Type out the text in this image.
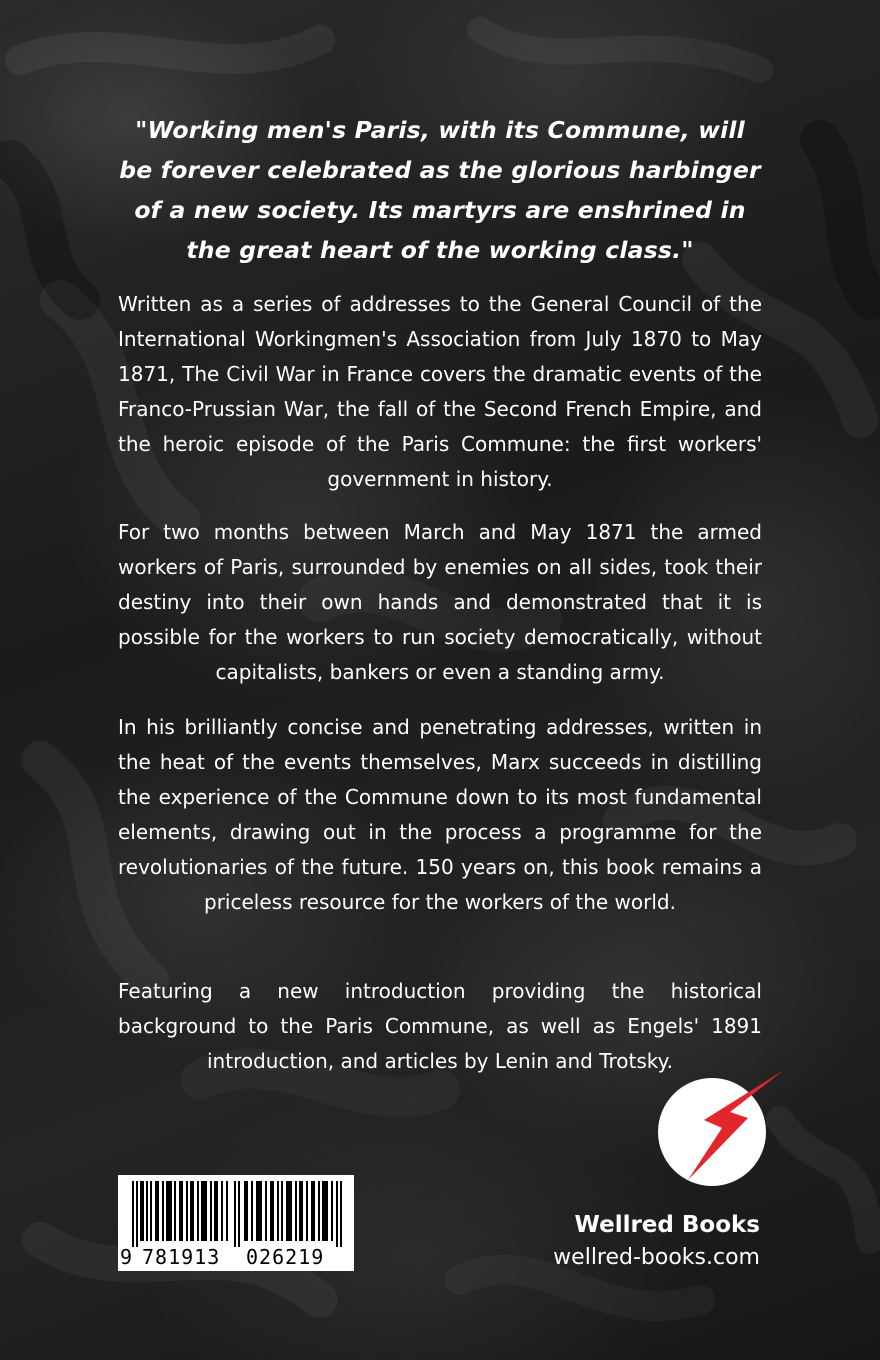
"Working men's Paris, with its Commune, will be forever celebrated as the glorious harbinger of a new society. Its martyrs are enshrined in the great heart of the working class."
Written as a series of addresses to the General Council of the International Workingmen's Association from July 1870 to May 1871, The Civil War in France covers the dramatic events of the Franco-Prussian War, the fall of the Second French Empire, and the heroic episode of the Paris Commune: the first workers' government in history.
For two months between March and May 1871 the armed workers of Paris, surrounded by enemies on all sides, took their destiny into their own hands and demonstrated that it is possible for the workers to run society democratically, without capitalists, bankers or even a standing army.
In his brilliantly concise and penetrating addresses, written in the heat of the events themselves, Marx succeeds in distilling the experience of the Commune down to its most fundamental elements, drawing out in the process a programme for the revolutionaries of the future. 150 years on, this book remains a priceless resource for the workers of the world.
Featuring a new introduction providing the historical background to the Paris Commune, as well as Engels' 1891 introduction, and articles by Lenin and Trotsky.
Wellred Books
wellred-books.com
9 781913 026219
